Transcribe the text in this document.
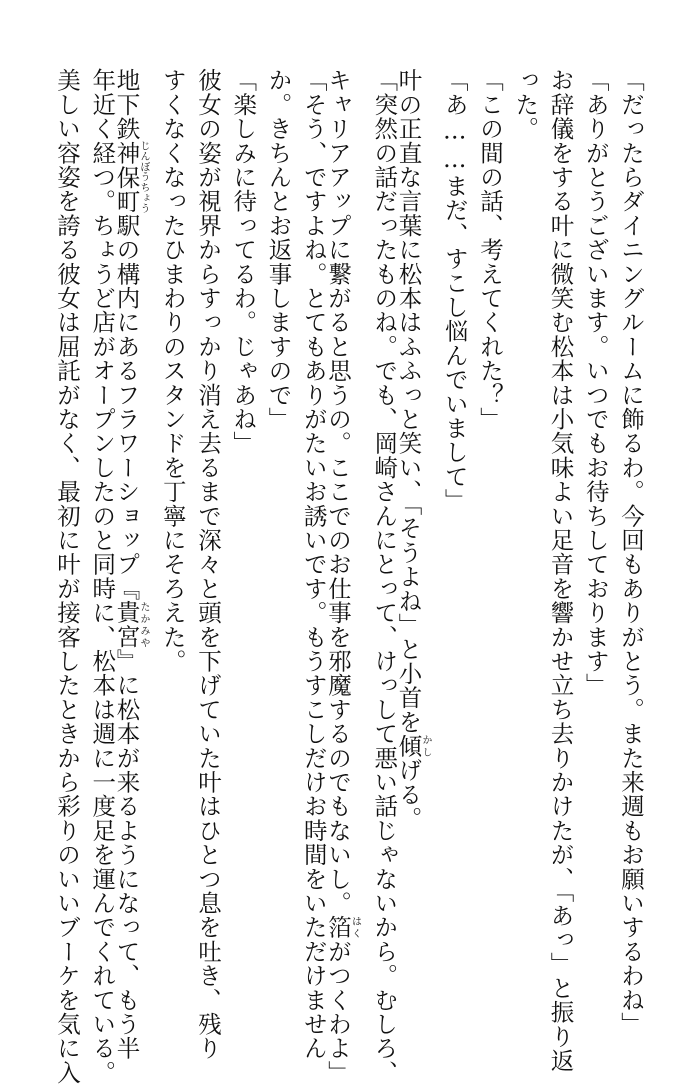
「だったらダイニングルームに飾るわ。今回もありがとう。また来週もお願いするわね」
「ありがとうございます。いつでもお待ちしております」
お辞儀をする叶に微笑む松本は小気味よい足音を響かせ立ち去りかけたが、「あっ」と振り返
った。
「この間の話、考えてくれた？」
「あ……まだ、すこし悩んでいまして」
叶の正直な言葉に松本はふふっと笑い、「そうよね」と小首を傾かしげる。
「突然の話だったものね。でも、岡崎さんにとって、けっして悪い話じゃないから。むしろ、
キャリアアップに繋がると思うの。ここでのお仕事を邪魔するのでもないし。箔はくがつくわよ」
「そう、ですよね。とてもありがたいお誘いです。もうすこしだけお時間をいただけません
か。きちんとお返事しますので」
「楽しみに待ってるわ。じゃあね」
彼女の姿が視界からすっかり消え去るまで深々と頭を下げていた叶はひとつ息を吐き、残り
すくなくなったひまわりのスタンドを丁寧にそろえた。
地下鉄神保町じんぼうちょう駅の構内にあるフラワーショップ『貴宮たかみや』に松本が来るようになって、もう半
年近く経つ。ちょうど店がオープンしたのと同時に、松本は週に一度足を運んでくれている。
美しい容姿を誇る彼女は屈託がなく、最初に叶が接客したときから彩りのいいブーケを気に入
